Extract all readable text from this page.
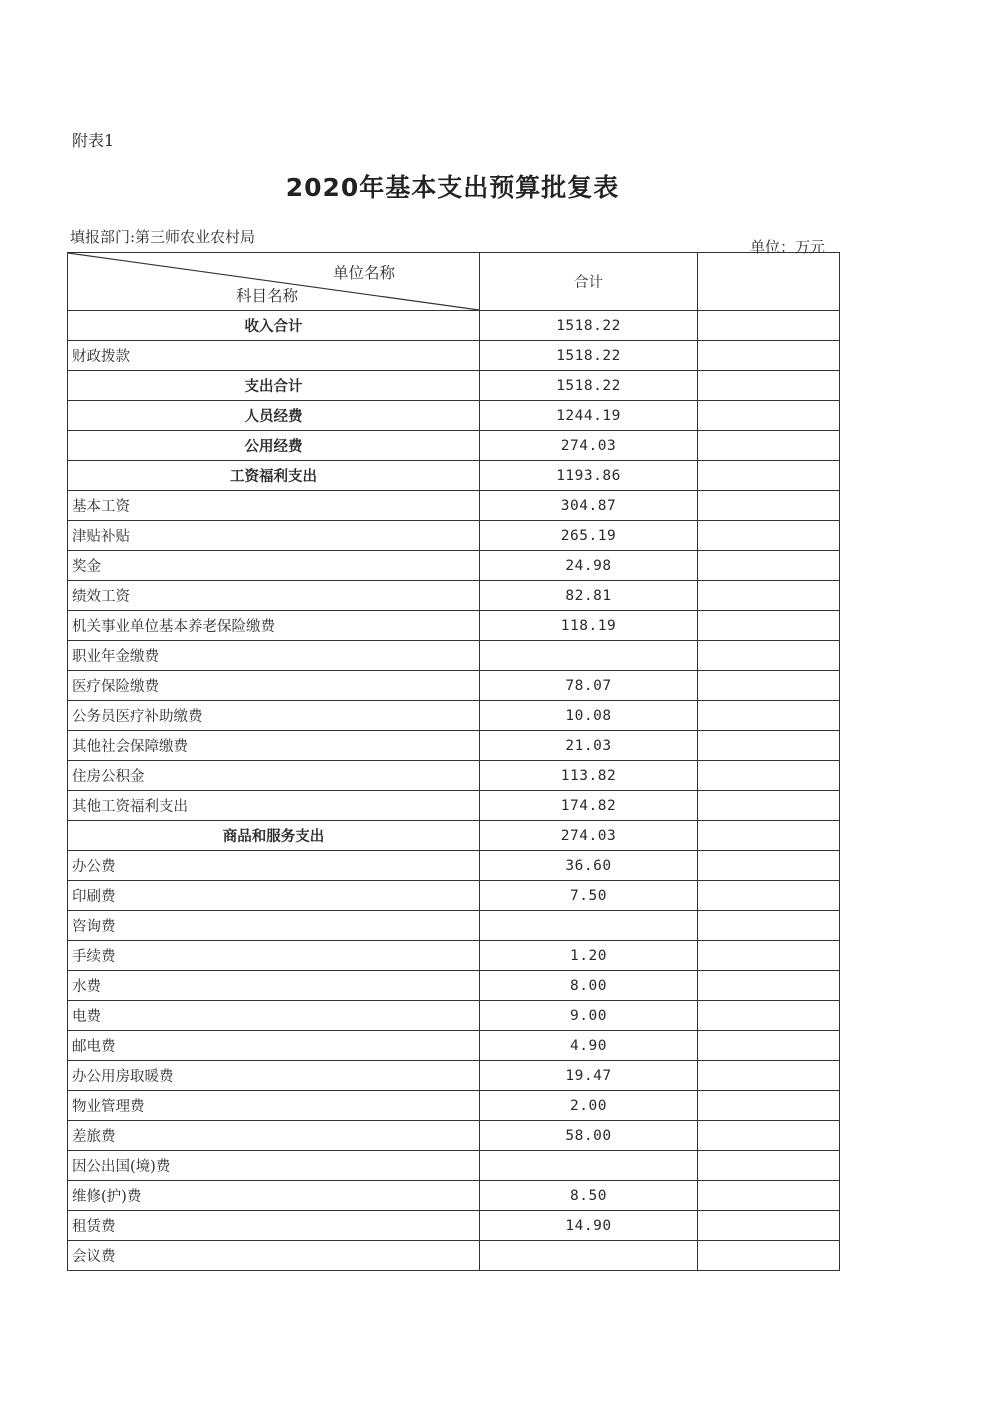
附表1
2020年基本支出预算批复表
填报部门:第三师农业农村局
单位：万元
单位名称
科目名称	合计	
收入合计	1518.22	
财政拨款	1518.22	
支出合计	1518.22	
人员经费	1244.19	
公用经费	274.03	
工资福利支出	1193.86	
基本工资	304.87	
津贴补贴	265.19	
奖金	24.98	
绩效工资	82.81	
机关事业单位基本养老保险缴费	118.19	
职业年金缴费		
医疗保险缴费	78.07	
公务员医疗补助缴费	10.08	
其他社会保障缴费	21.03	
住房公积金	113.82	
其他工资福利支出	174.82	
商品和服务支出	274.03	
办公费	36.60	
印刷费	7.50	
咨询费		
手续费	1.20	
水费	8.00	
电费	9.00	
邮电费	4.90	
办公用房取暖费	19.47	
物业管理费	2.00	
差旅费	58.00	
因公出国(境)费		
维修(护)费	8.50	
租赁费	14.90	
会议费		
